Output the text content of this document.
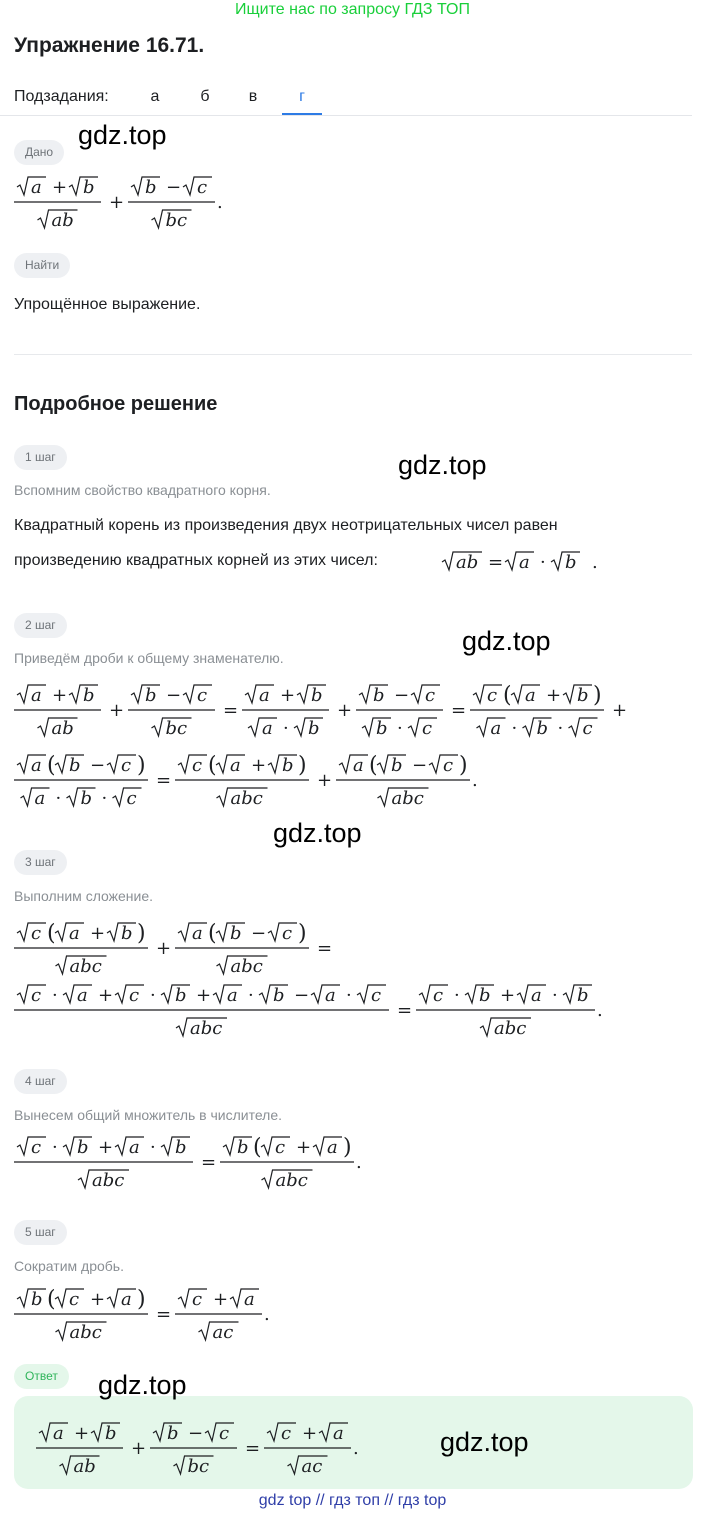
Ищите нас по запросу ГДЗ ТОП
Упражнение 16.71.
Подзадания:	а	б	в	г
Дано
gdz.top
a + b
ab
+
b − c
bc
.
Найти
Упрощённое выражение.
Подробное решение
1 шаг	gdz.top
Вспомним свойство квадратного корня.
Квадратный корень из произведения двух неотрицательных чисел равен
произведению квадратных корней из этих чисел:	ab = a · b .
2 шаг
gdz.top
Приведём дроби к общему знаменателю.
a + b
ab
+
b − c
bc
=
a + b
a · b
+
b − c
b · c
=
c ( a + b )
a · b · c
+
a ( b − c )
a · b · c
=
c ( a + b )
abc
+
a ( b − c )
abc
.
gdz.top
3 шаг
Выполним сложение.
c ( a + b )
abc
+
a ( b − c )
abc
=
c · a + c · b + a · b − a · c
abc
=
c · b + a · b
abc
.
4 шаг
Вынесем общий множитель в числителе.
c · b + a · b
abc
=
b ( c + a )
abc
.
5 шаг
Сократим дробь.
b ( c + a )
abc
=
c + a
ac
.
Ответ	gdz.top
a + b
ab
+
b − c
bc
=
c + a
ac
.	gdz.top
gdz top // гдз топ // гдз top
